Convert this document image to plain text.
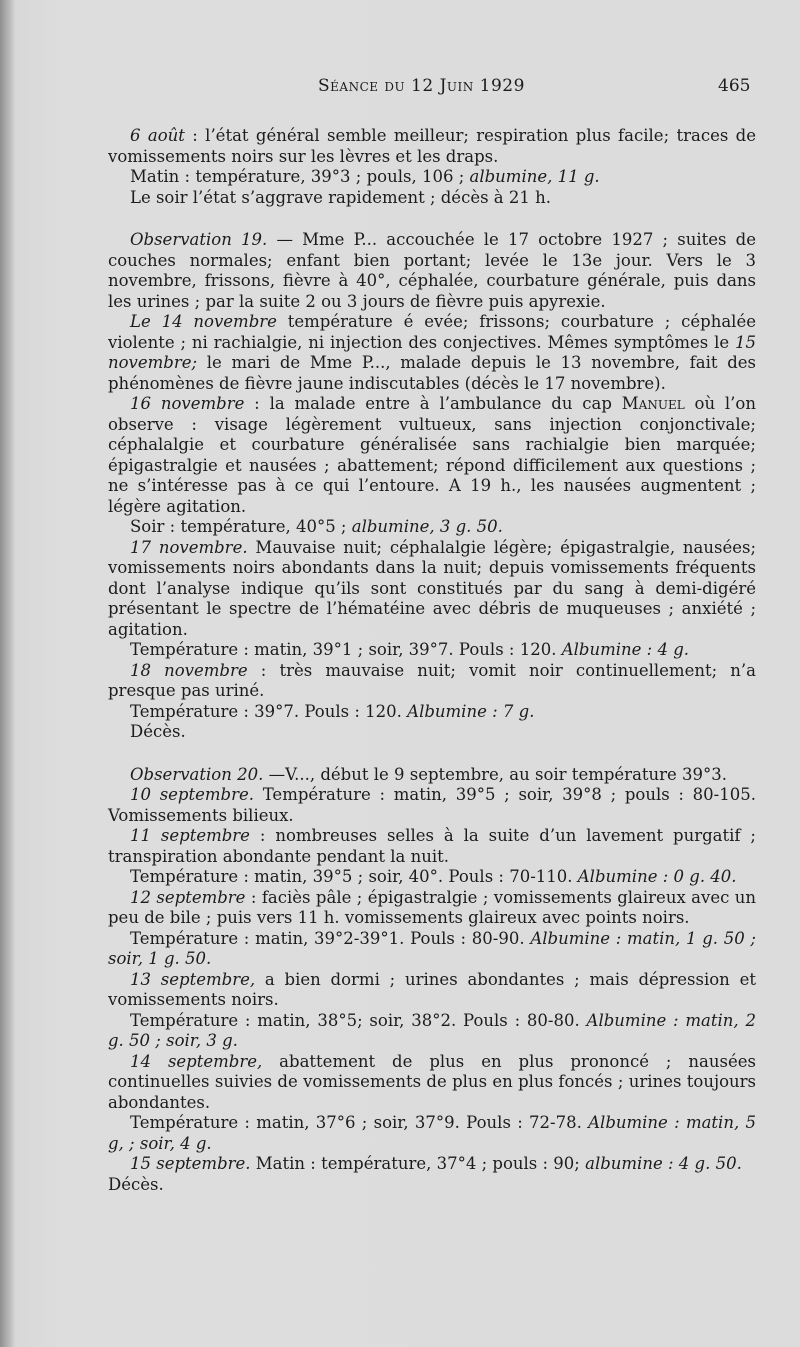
Séance du 12 Juin 1929	465

6 août : l’état général semble meilleur; respiration plus facile; traces de vomissements noirs sur les lèvres et les draps.

Matin : température, 39°3 ; pouls, 106 ; albumine, 11 g.

Le soir l’état s’aggrave rapidement ; décès à 21 h.

Observation 19. — Mme P... accouchée le 17 octobre 1927 ; suites de couches normales; enfant bien portant; levée le 13e jour. Vers le 3 novembre, frissons, fièvre à 40°, céphalée, courbature générale, puis dans les urines ; par la suite 2 ou 3 jours de fièvre puis apyrexie.

Le 14 novembre température é evée; frissons; courbature ; céphalée violente ; ni rachialgie, ni injection des conjectives. Mêmes symptômes le 15 novembre; le mari de Mme P..., malade depuis le 13 novembre, fait des phénomènes de fièvre jaune indiscutables (décès le 17 novembre).

16 novembre : la malade entre à l’ambulance du cap Manuel où l’on observe : visage légèrement vultueux, sans injection conjonctivale; céphalalgie et courbature généralisée sans rachialgie bien marquée; épigastralgie et nausées ; abattement; répond difficilement aux questions ; ne s’intéresse pas à ce qui l’entoure. A 19 h., les nausées augmentent ; légère agitation.

Soir : température, 40°5 ; albumine, 3 g. 50.

17 novembre. Mauvaise nuit; céphalalgie légère; épigastralgie, nausées; vomissements noirs abondants dans la nuit; depuis vomissements fréquents dont l’analyse indique qu’ils sont constitués par du sang à demi-digéré présentant le spectre de l’hématéine avec débris de muqueuses ; anxiété ; agitation.

Température : matin, 39°1 ; soir, 39°7. Pouls : 120. Albumine : 4 g.

18 novembre : très mauvaise nuit; vomit noir continuellement; n’a presque pas uriné.

Température : 39°7. Pouls : 120. Albumine : 7 g.

Décès.

Observation 20. —V..., début le 9 septembre, au soir température 39°3.

10 septembre. Température : matin, 39°5 ; soir, 39°8 ; pouls : 80-105. Vomissements bilieux.

11 septembre : nombreuses selles à la suite d’un lavement purgatif ; transpiration abondante pendant la nuit.

Température : matin, 39°5 ; soir, 40°. Pouls : 70-110. Albumine : 0 g. 40.

12 septembre : faciès pâle ; épigastralgie ; vomissements glaireux avec un peu de bile ; puis vers 11 h. vomissements glaireux avec points noirs.

Température : matin, 39°2-39°1. Pouls : 80-90. Albumine : matin, 1 g. 50 ; soir, 1 g. 50.

13 septembre, a bien dormi ; urines abondantes ; mais dépression et vomissements noirs.

Température : matin, 38°5; soir, 38°2. Pouls : 80-80. Albumine : matin, 2 g. 50 ; soir, 3 g.

14 septembre, abattement de plus en plus prononcé ; nausées continuelles suivies de vomissements de plus en plus foncés ; urines toujours abondantes.

Température : matin, 37°6 ; soir, 37°9. Pouls : 72-78. Albumine : matin, 5 g, ; soir, 4 g.

15 septembre. Matin : température, 37°4 ; pouls : 90; albumine : 4 g. 50.

Décès.
